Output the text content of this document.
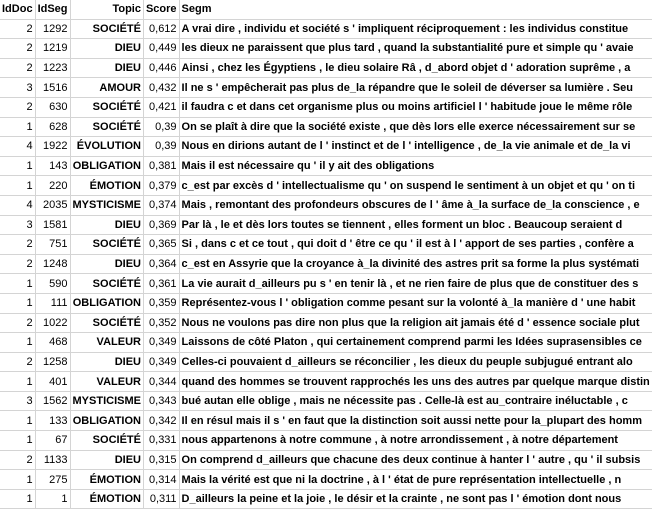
IdDoc	IdSeg	Topic	Score	Segm
2	1292	SOCIÉTÉ	0,612	A vrai dire , individu et société s ' impliquent réciproquement : les individus constitue
2	1219	DIEU	0,449	les dieux ne paraissent que plus tard , quand la substantialité pure et simple qu ' avaie
2	1223	DIEU	0,446	Ainsi , chez les Égyptiens , le dieu solaire Râ , d_abord objet d ' adoration suprême , a
3	1516	AMOUR	0,432	Il ne s ' empêcherait pas plus de_la répandre que le soleil de déverser sa lumière . Seu
2	630	SOCIÉTÉ	0,421	il faudra c et dans cet organisme plus ou moins artificiel l ' habitude joue le même rôle
1	628	SOCIÉTÉ	0,39	On se plaît à dire que la société existe , que dès lors elle exerce nécessairement sur se
4	1922	ÉVOLUTION	0,39	Nous en dirions autant de l ' instinct et de l ' intelligence , de_la vie animale et de_la vi
1	143	OBLIGATION	0,381	Mais il est nécessaire qu ' il y ait des obligations
1	220	ÉMOTION	0,379	c_est par excès d ' intellectualisme qu ' on suspend le sentiment à un objet et qu ' on ti
4	2035	MYSTICISME	0,374	Mais , remontant des profondeurs obscures de l ' âme à_la surface de_la conscience , e
3	1581	DIEU	0,369	Par là , le et dès lors toutes se tiennent , elles forment un bloc . Beaucoup seraient d
2	751	SOCIÉTÉ	0,365	Si , dans c et ce tout , qui doit d ' être ce qu ' il est à l ' apport de ses parties , confère a
2	1248	DIEU	0,364	c_est en Assyrie que la croyance à_la divinité des astres prit sa forme la plus systémati
1	590	SOCIÉTÉ	0,361	La vie aurait d_ailleurs pu s ' en tenir là , et ne rien faire de plus que de constituer des s
1	111	OBLIGATION	0,359	Représentez-vous l ' obligation comme pesant sur la volonté à_la manière d ' une habit
2	1022	SOCIÉTÉ	0,352	Nous ne voulons pas dire non plus que la religion ait jamais été d ' essence sociale plut
1	468	VALEUR	0,349	Laissons de côté Platon , qui certainement comprend parmi les Idées suprasensibles ce
2	1258	DIEU	0,349	Celles-ci pouvaient d_ailleurs se réconcilier , les dieux du peuple subjugué entrant alo
1	401	VALEUR	0,344	quand des hommes se trouvent rapprochés les uns des autres par quelque marque distin
3	1562	MYSTICISME	0,343	bué autan elle oblige , mais ne nécessite pas . Celle-là est au_contraire inéluctable , c
1	133	OBLIGATION	0,342	Il en résul mais il s ' en faut que la distinction soit aussi nette pour la_plupart des homm
1	67	SOCIÉTÉ	0,331	nous appartenons à notre commune , à notre arrondissement , à notre département
2	1133	DIEU	0,315	On comprend d_ailleurs que chacune des deux continue à hanter l ' autre , qu ' il subsis
1	275	ÉMOTION	0,314	Mais la vérité est que ni la doctrine , à l ' état de pure représentation intellectuelle , n
1	1	ÉMOTION	0,311	D_ailleurs la peine et la joie , le désir et la crainte , ne sont pas l ' émotion dont nous
